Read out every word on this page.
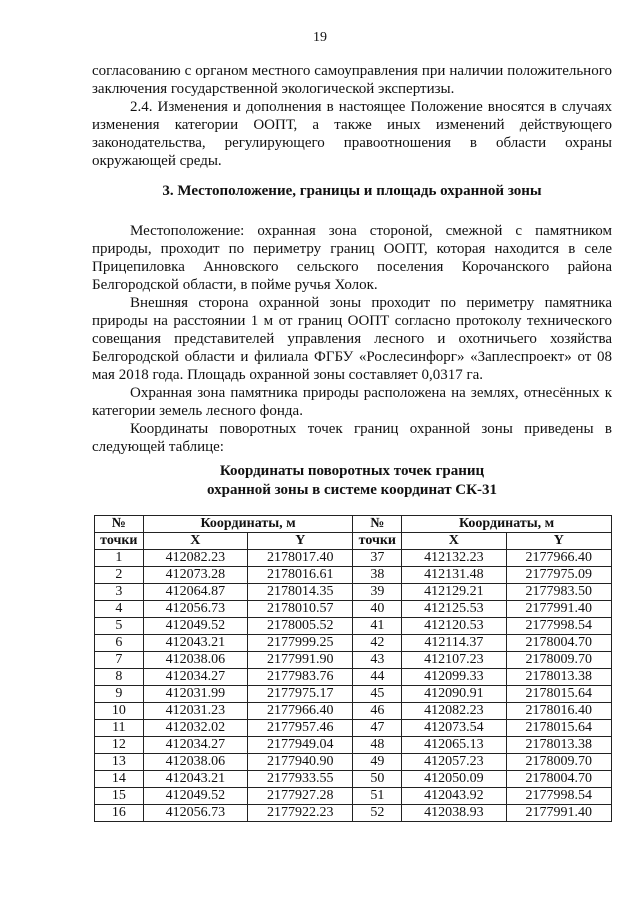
19

согласованию с органом местного самоуправления при наличии положительного заключения государственной экологической экспертизы.

2.4. Изменения и дополнения в настоящее Положение вносятся в случаях изменения категории ООПТ, а также иных изменений действующего законодательства, регулирующего правоотношения в области охраны окружающей среды.

3. Местоположение, границы и площадь охранной зоны

Местоположение: охранная зона стороной, смежной с памятником природы, проходит по периметру границ ООПТ, которая находится в селе Прицепиловка Анновского сельского поселения Корочанского района Белгородской области, в пойме ручья Холок.

Внешняя сторона охранной зоны проходит по периметру памятника природы на расстоянии 1 м от границ ООПТ согласно протоколу технического совещания представителей управления лесного и охотничьего хозяйства Белгородской области и филиала ФГБУ «Рослесинфорг» «Заплеспроект» от 08 мая 2018 года. Площадь охранной зоны составляет 0,0317 га.

Охранная зона памятника природы расположена на землях, отнесённых к категории земель лесного фонда.

Координаты поворотных точек границ охранной зоны приведены в следующей таблице:

Координаты поворотных точек границ
охранной зоны в системе координат СК-31
№	Координаты, м		№	Координаты, м	
точки	X	Y	точки	X	Y
1	412082.23	2178017.40	37	412132.23	2177966.40
2	412073.28	2178016.61	38	412131.48	2177975.09
3	412064.87	2178014.35	39	412129.21	2177983.50
4	412056.73	2178010.57	40	412125.53	2177991.40
5	412049.52	2178005.52	41	412120.53	2177998.54
6	412043.21	2177999.25	42	412114.37	2178004.70
7	412038.06	2177991.90	43	412107.23	2178009.70
8	412034.27	2177983.76	44	412099.33	2178013.38
9	412031.99	2177975.17	45	412090.91	2178015.64
10	412031.23	2177966.40	46	412082.23	2178016.40
11	412032.02	2177957.46	47	412073.54	2178015.64
12	412034.27	2177949.04	48	412065.13	2178013.38
13	412038.06	2177940.90	49	412057.23	2178009.70
14	412043.21	2177933.55	50	412050.09	2178004.70
15	412049.52	2177927.28	51	412043.92	2177998.54
16	412056.73	2177922.23	52	412038.93	2177991.40
